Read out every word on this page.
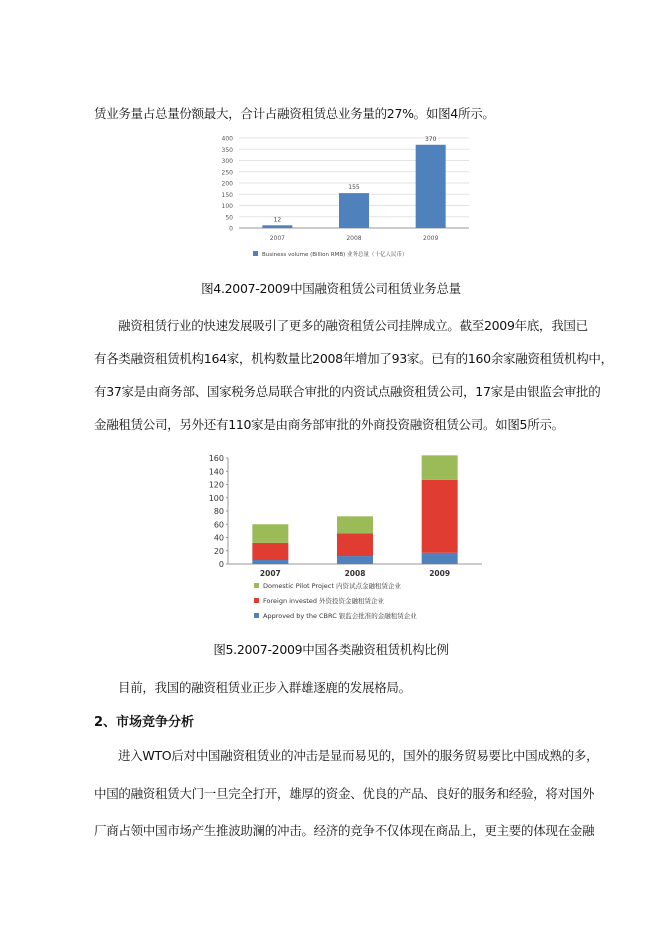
赁业务量占总量份额最大，合计占融资租赁总业务量的27%。如图4所示。
0
50
100
150
200
250
300
350
400
12
2007
155
2008
370
2009
Business volume (Billion RMB) 业务总量（十亿人民币）
图4.2007-2009中国融资租赁公司租赁业务总量
融资租赁行业的快速发展吸引了更多的融资租赁公司挂牌成立。截至2009年底，我国已
有各类融资租赁机构164家，机构数量比2008年增加了93家。已有的160余家融资租赁机构中，
有37家是由商务部、国家税务总局联合审批的内资试点融资租赁公司，17家是由银监会审批的
金融租赁公司，另外还有110家是由商务部审批的外商投资融资租赁公司。如图5所示。
0
20
40
60
80
100
120
140
160
2007	2008	2009
Domestic Pilot Project 内资试点金融租赁企业
Foreign invested 外资投资金融租赁企业
Approved by the CBRC 银监会批准的金融租赁企业
图5.2007-2009中国各类融资租赁机构比例
目前，我国的融资租赁业正步入群雄逐鹿的发展格局。
2、市场竞争分析
进入WTO后对中国融资租赁业的冲击是显而易见的，国外的服务贸易要比中国成熟的多，
中国的融资租赁大门一旦完全打开，雄厚的资金、优良的产品、良好的服务和经验，将对国外
厂商占领中国市场产生推波助澜的冲击。经济的竞争不仅体现在商品上，更主要的体现在金融
